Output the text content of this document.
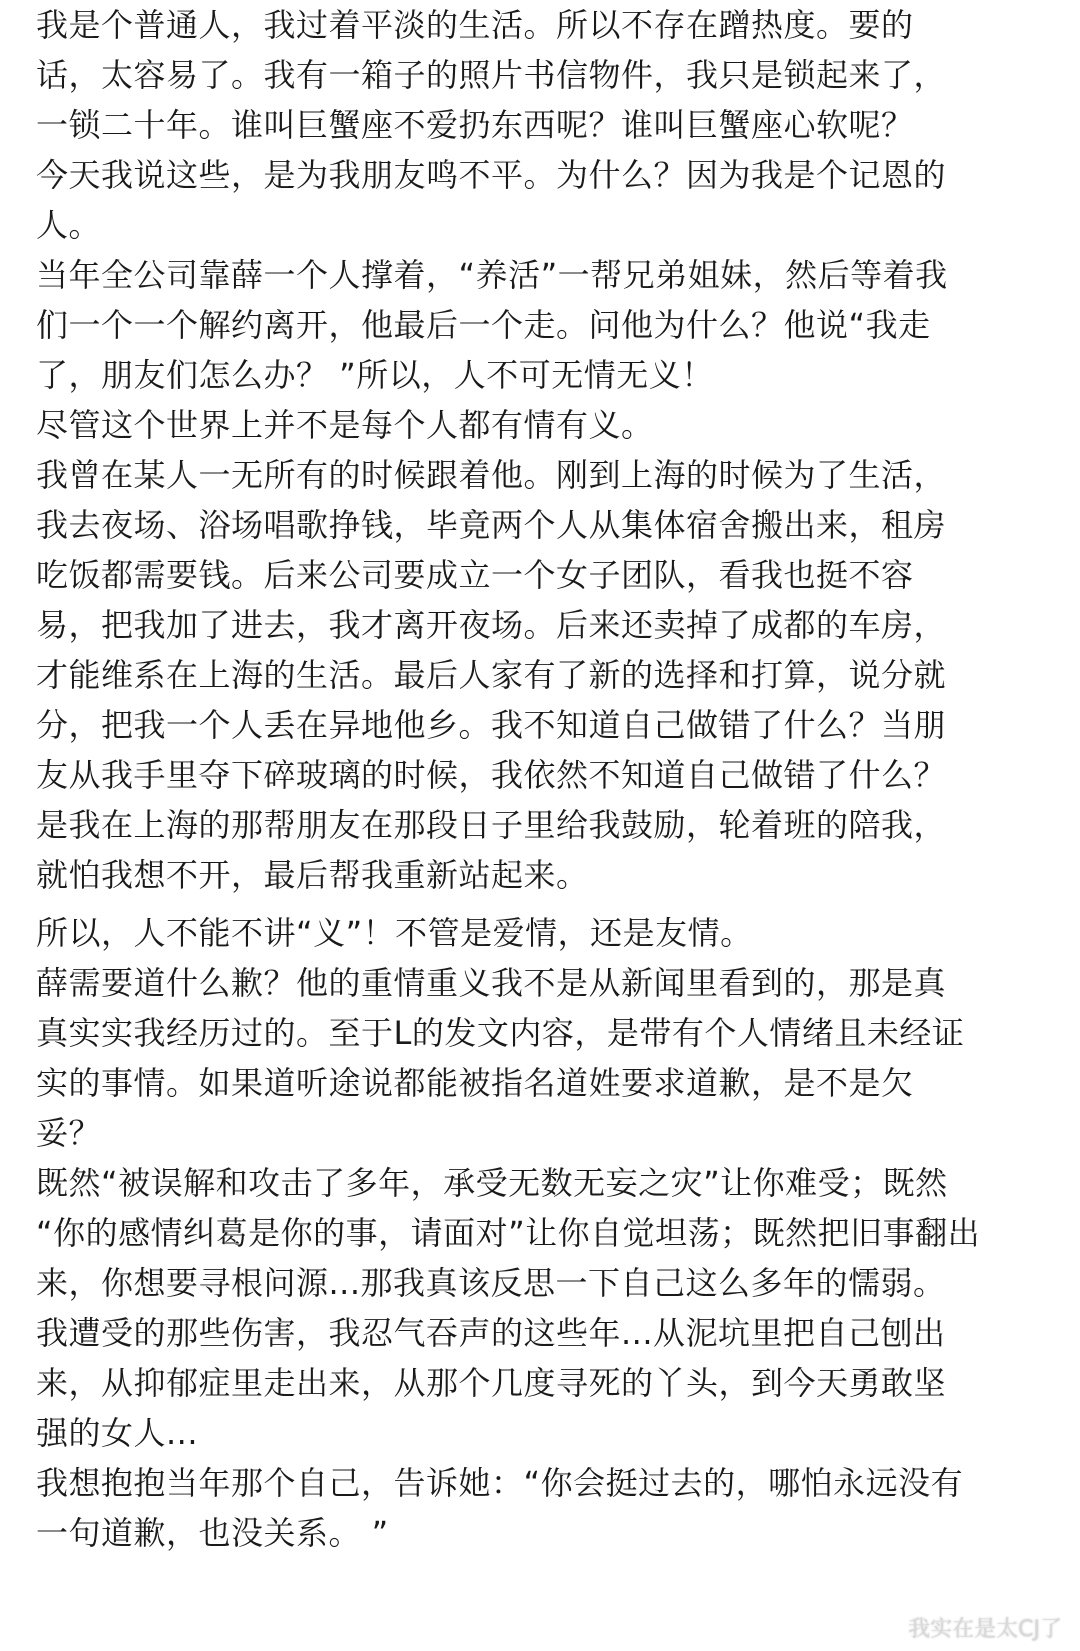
我是个普通人，我过着平淡的生活。所以不存在蹭热度。要的
话，太容易了。我有一箱子的照片书信物件，我只是锁起来了，
一锁二十年。谁叫巨蟹座不爱扔东西呢？谁叫巨蟹座心软呢？
今天我说这些，是为我朋友鸣不平。为什么？因为我是个记恩的
人。
当年全公司靠薛一个人撑着，“养活”一帮兄弟姐妹，然后等着我
们一个一个解约离开，他最后一个走。问他为什么？他说“我走
了，朋友们怎么办？ ”所以，人不可无情无义！
尽管这个世界上并不是每个人都有情有义。
我曾在某人一无所有的时候跟着他。刚到上海的时候为了生活，
我去夜场、浴场唱歌挣钱，毕竟两个人从集体宿舍搬出来，租房
吃饭都需要钱。后来公司要成立一个女子团队，看我也挺不容
易，把我加了进去，我才离开夜场。后来还卖掉了成都的车房，
才能维系在上海的生活。最后人家有了新的选择和打算，说分就
分，把我一个人丢在异地他乡。我不知道自己做错了什么？当朋
友从我手里夺下碎玻璃的时候，我依然不知道自己做错了什么？
是我在上海的那帮朋友在那段日子里给我鼓励，轮着班的陪我，
就怕我想不开，最后帮我重新站起来。
所以，人不能不讲“义”！不管是爱情，还是友情。
薛需要道什么歉？他的重情重义我不是从新闻里看到的，那是真
真实实我经历过的。至于L的发文内容，是带有个人情绪且未经证
实的事情。如果道听途说都能被指名道姓要求道歉，是不是欠
妥？
既然“被误解和攻击了多年，承受无数无妄之灾”让你难受；既然
“你的感情纠葛是你的事，请面对”让你自觉坦荡；既然把旧事翻出
来，你想要寻根问源...那我真该反思一下自己这么多年的懦弱。
我遭受的那些伤害，我忍气吞声的这些年...从泥坑里把自己刨出
来，从抑郁症里走出来，从那个几度寻死的丫头，到今天勇敢坚
强的女人...
我想抱抱当年那个自己，告诉她：“你会挺过去的，哪怕永远没有
一句道歉，也没关系。 ”
我实在是太CJ了
